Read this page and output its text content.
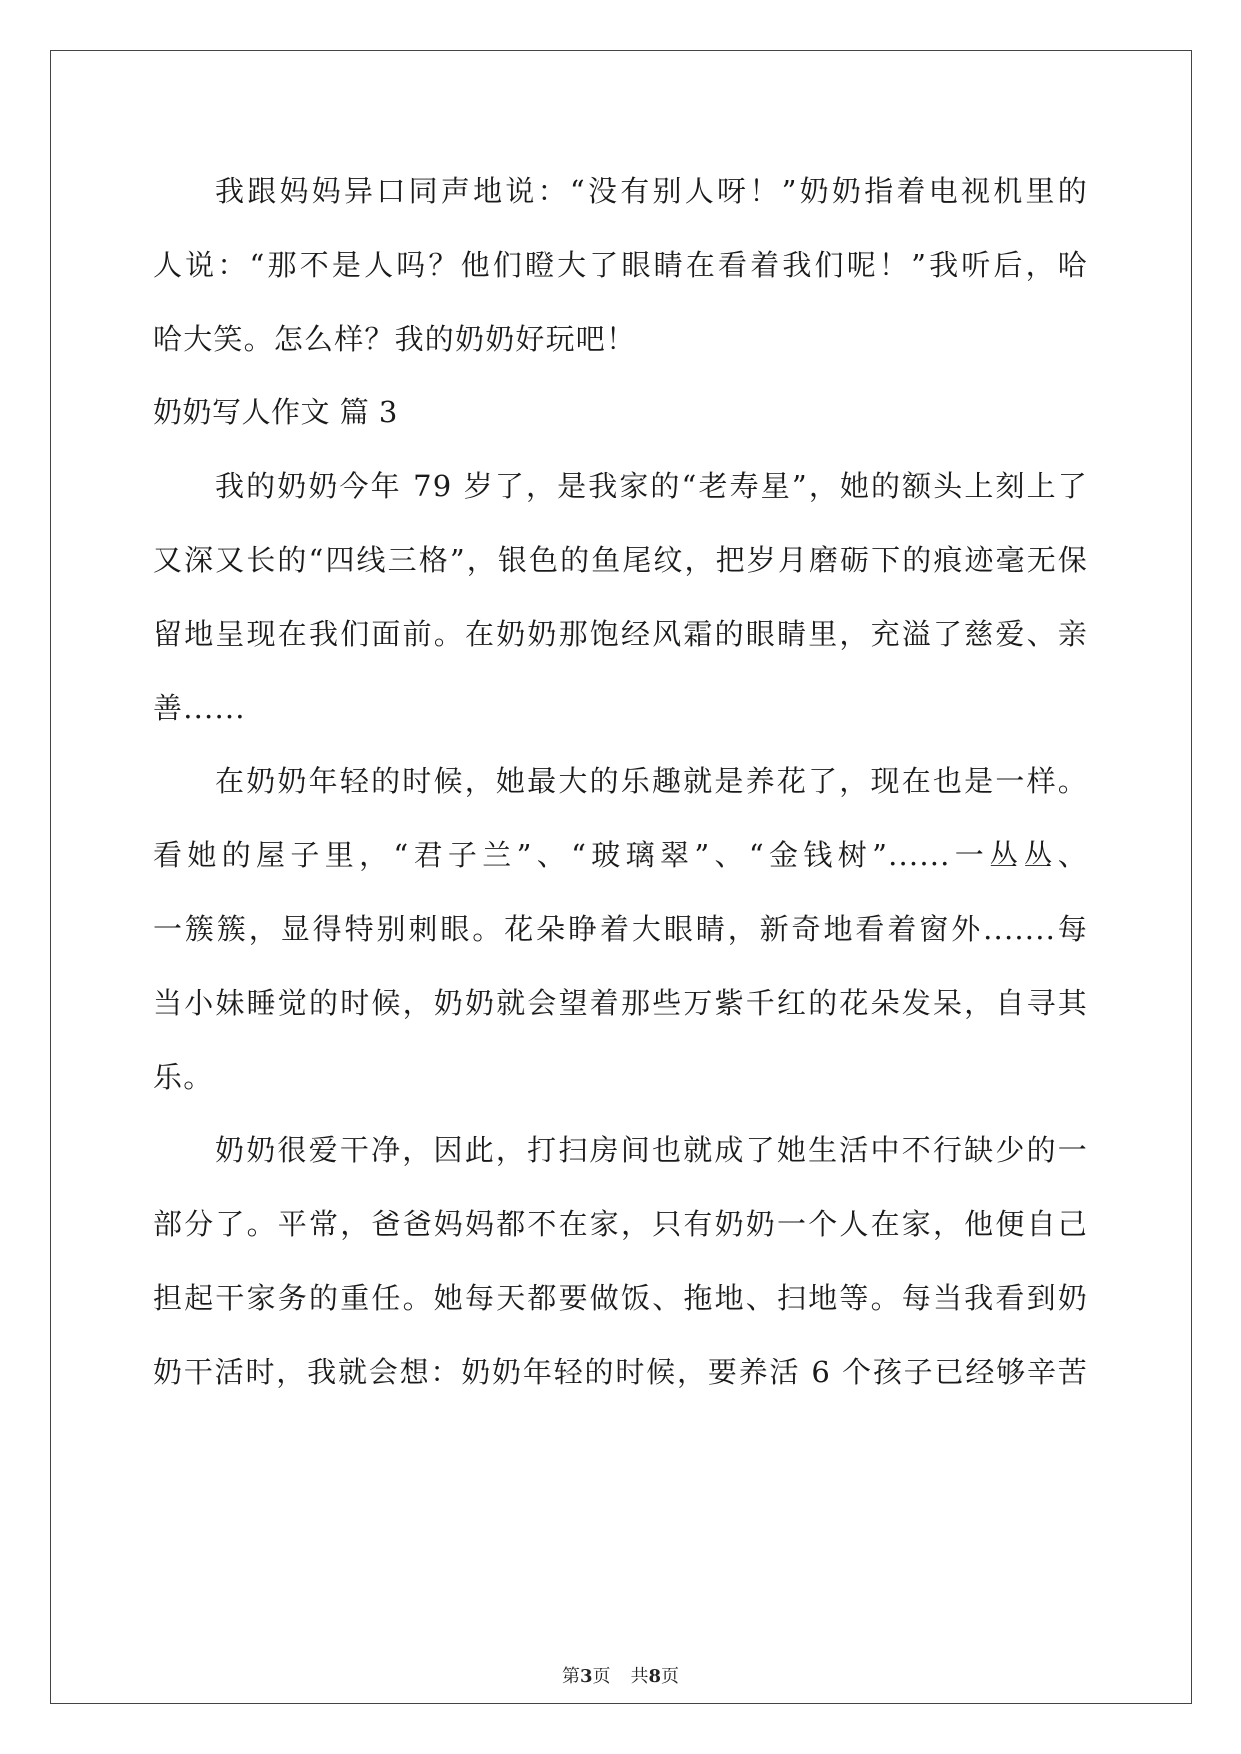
我跟妈妈异口同声地说：“没有别人呀！”奶奶指着电视机里的
人说：“那不是人吗？他们瞪大了眼睛在看着我们呢！”我听后，哈
哈大笑。怎么样？我的奶奶好玩吧！
奶奶写人作文 篇 3
我的奶奶今年 79 岁了，是我家的“老寿星”，她的额头上刻上了
又深又长的“四线三格”，银色的鱼尾纹，把岁月磨砺下的痕迹毫无保
留地呈现在我们面前。在奶奶那饱经风霜的眼睛里，充溢了慈爱、亲
善......
在奶奶年轻的时候，她最大的乐趣就是养花了，现在也是一样。
看她的屋子里，“君子兰”、“玻璃翠”、“金钱树”......一丛丛、
一簇簇，显得特别刺眼。花朵睁着大眼睛，新奇地看着窗外.......每
当小妹睡觉的时候，奶奶就会望着那些万紫千红的花朵发呆，自寻其
乐。
奶奶很爱干净，因此，打扫房间也就成了她生活中不行缺少的一
部分了。平常，爸爸妈妈都不在家，只有奶奶一个人在家，他便自己
担起干家务的重任。她每天都要做饭、拖地、扫地等。每当我看到奶
奶干活时，我就会想：奶奶年轻的时候，要养活 6 个孩子已经够辛苦
第3页 共8页
